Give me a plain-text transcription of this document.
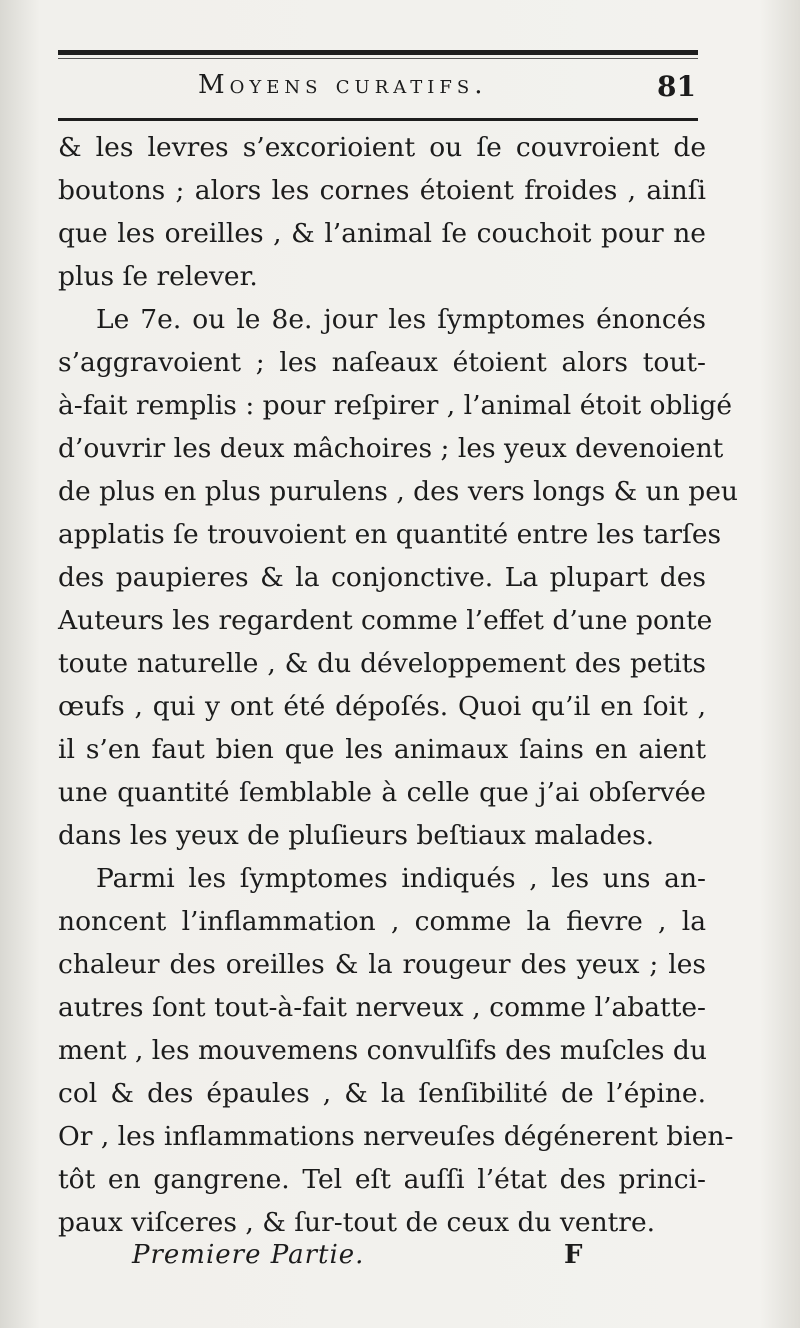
Moyens curatifs.	81
& les levres s’excorioient ou ſe couvroient de
boutons ; alors les cornes étoient froides , ainſi
que les oreilles , & l’animal ſe couchoit pour ne
plus ſe relever.
Le 7e. ou le 8e. jour les ſymptomes énoncés
s’aggravoient ; les naſeaux étoient alors tout-
à-fait remplis : pour reſpirer , l’animal étoit obligé
d’ouvrir les deux mâchoires ; les yeux devenoient
de plus en plus purulens , des vers longs & un peu
applatis ſe trouvoient en quantité entre les tarſes
des paupieres & la conjonctive. La plupart des
Auteurs les regardent comme l’effet d’une ponte
toute naturelle , & du développement des petits
œufs , qui y ont été dépoſés. Quoi qu’il en ſoit ,
il s’en faut bien que les animaux ſains en aient
une quantité ſemblable à celle que j’ai obſervée
dans les yeux de pluſieurs beſtiaux malades.
Parmi les ſymptomes indiqués , les uns an-
noncent l’inflammation , comme la fievre , la
chaleur des oreilles & la rougeur des yeux ; les
autres ſont tout-à-fait nerveux , comme l’abatte-
ment , les mouvemens convulſifs des muſcles du
col & des épaules , & la ſenſibilité de l’épine.
Or , les inflammations nerveuſes dégénerent bien-
tôt en gangrene. Tel eſt auſſi l’état des princi-
paux viſceres , & ſur-tout de ceux du ventre.
Premiere Partie.	F
